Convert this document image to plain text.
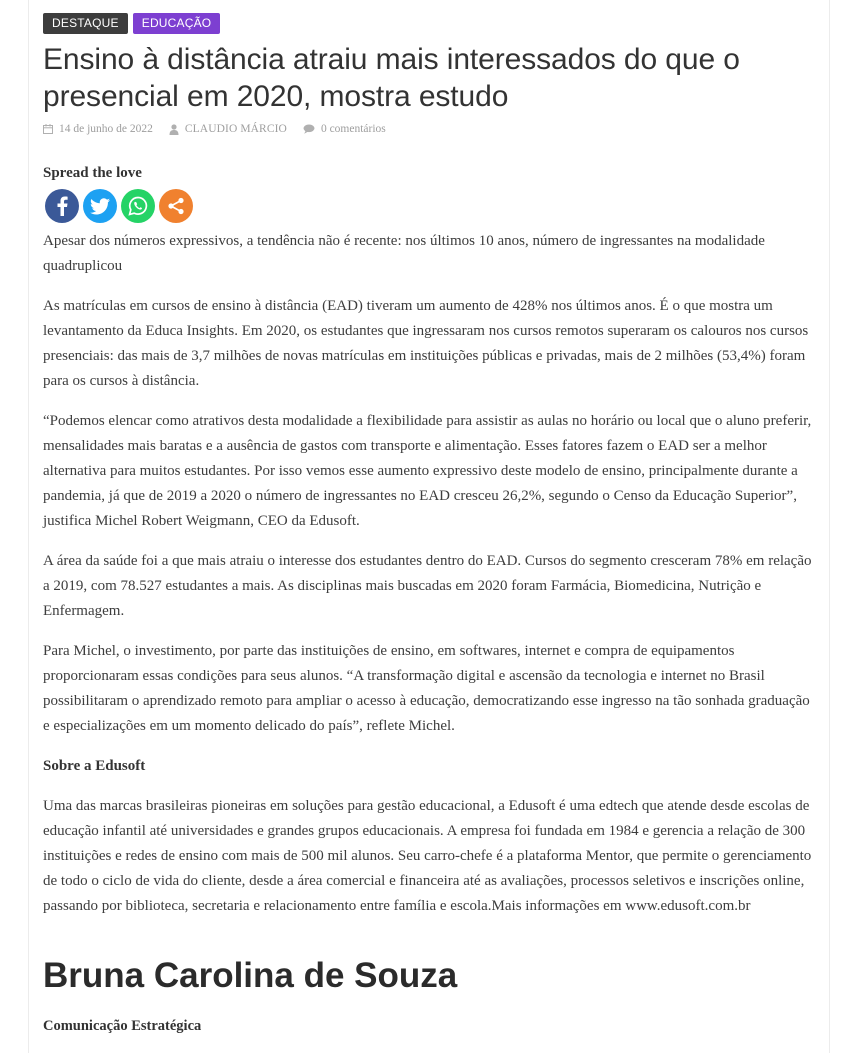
DESTAQUE	EDUCAÇÃO
Ensino à distância atraiu mais interessados do que o presencial em 2020, mostra estudo
14 de junho de 2022	CLAUDIO MÁRCIO	0 comentários
Spread the love

Apesar dos números expressivos, a tendência não é recente: nos últimos 10 anos, número de ingressantes na modalidade quadruplicou

As matrículas em cursos de ensino à distância (EAD) tiveram um aumento de 428% nos últimos anos. É o que mostra um levantamento da Educa Insights. Em 2020, os estudantes que ingressaram nos cursos remotos superaram os calouros nos cursos presenciais: das mais de 3,7 milhões de novas matrículas em instituições públicas e privadas, mais de 2 milhões (53,4%) foram para os cursos à distância.

“Podemos elencar como atrativos desta modalidade a flexibilidade para assistir as aulas no horário ou local que o aluno preferir, mensalidades mais baratas e a ausência de gastos com transporte e alimentação. Esses fatores fazem o EAD ser a melhor alternativa para muitos estudantes. Por isso vemos esse aumento expressivo deste modelo de ensino, principalmente durante a pandemia, já que de 2019 a 2020 o número de ingressantes no EAD cresceu 26,2%, segundo o Censo da Educação Superior”, justifica Michel Robert Weigmann, CEO da Edusoft.

A área da saúde foi a que mais atraiu o interesse dos estudantes dentro do EAD. Cursos do segmento cresceram 78% em relação a 2019, com 78.527 estudantes a mais. As disciplinas mais buscadas em 2020 foram Farmácia, Biomedicina, Nutrição e Enfermagem.

Para Michel, o investimento, por parte das instituições de ensino, em softwares, internet e compra de equipamentos proporcionaram essas condições para seus alunos. “A transformação digital e ascensão da tecnologia e internet no Brasil possibilitaram o aprendizado remoto para ampliar o acesso à educação, democratizando esse ingresso na tão sonhada graduação e especializações em um momento delicado do país”, reflete Michel.

Sobre a Edusoft

Uma das marcas brasileiras pioneiras em soluções para gestão educacional, a Edusoft é uma edtech que atende desde escolas de educação infantil até universidades e grandes grupos educacionais. A empresa foi fundada em 1984 e gerencia a relação de 300 instituições e redes de ensino com mais de 500 mil alunos. Seu carro-chefe é a plataforma Mentor, que permite o gerenciamento de todo o ciclo de vida do cliente, desde a área comercial e financeira até as avaliações, processos seletivos e inscrições online, passando por biblioteca, secretaria e relacionamento entre família e escola.Mais informações em www.edusoft.com.br

Bruna Carolina de Souza
Comunicação Estratégica
